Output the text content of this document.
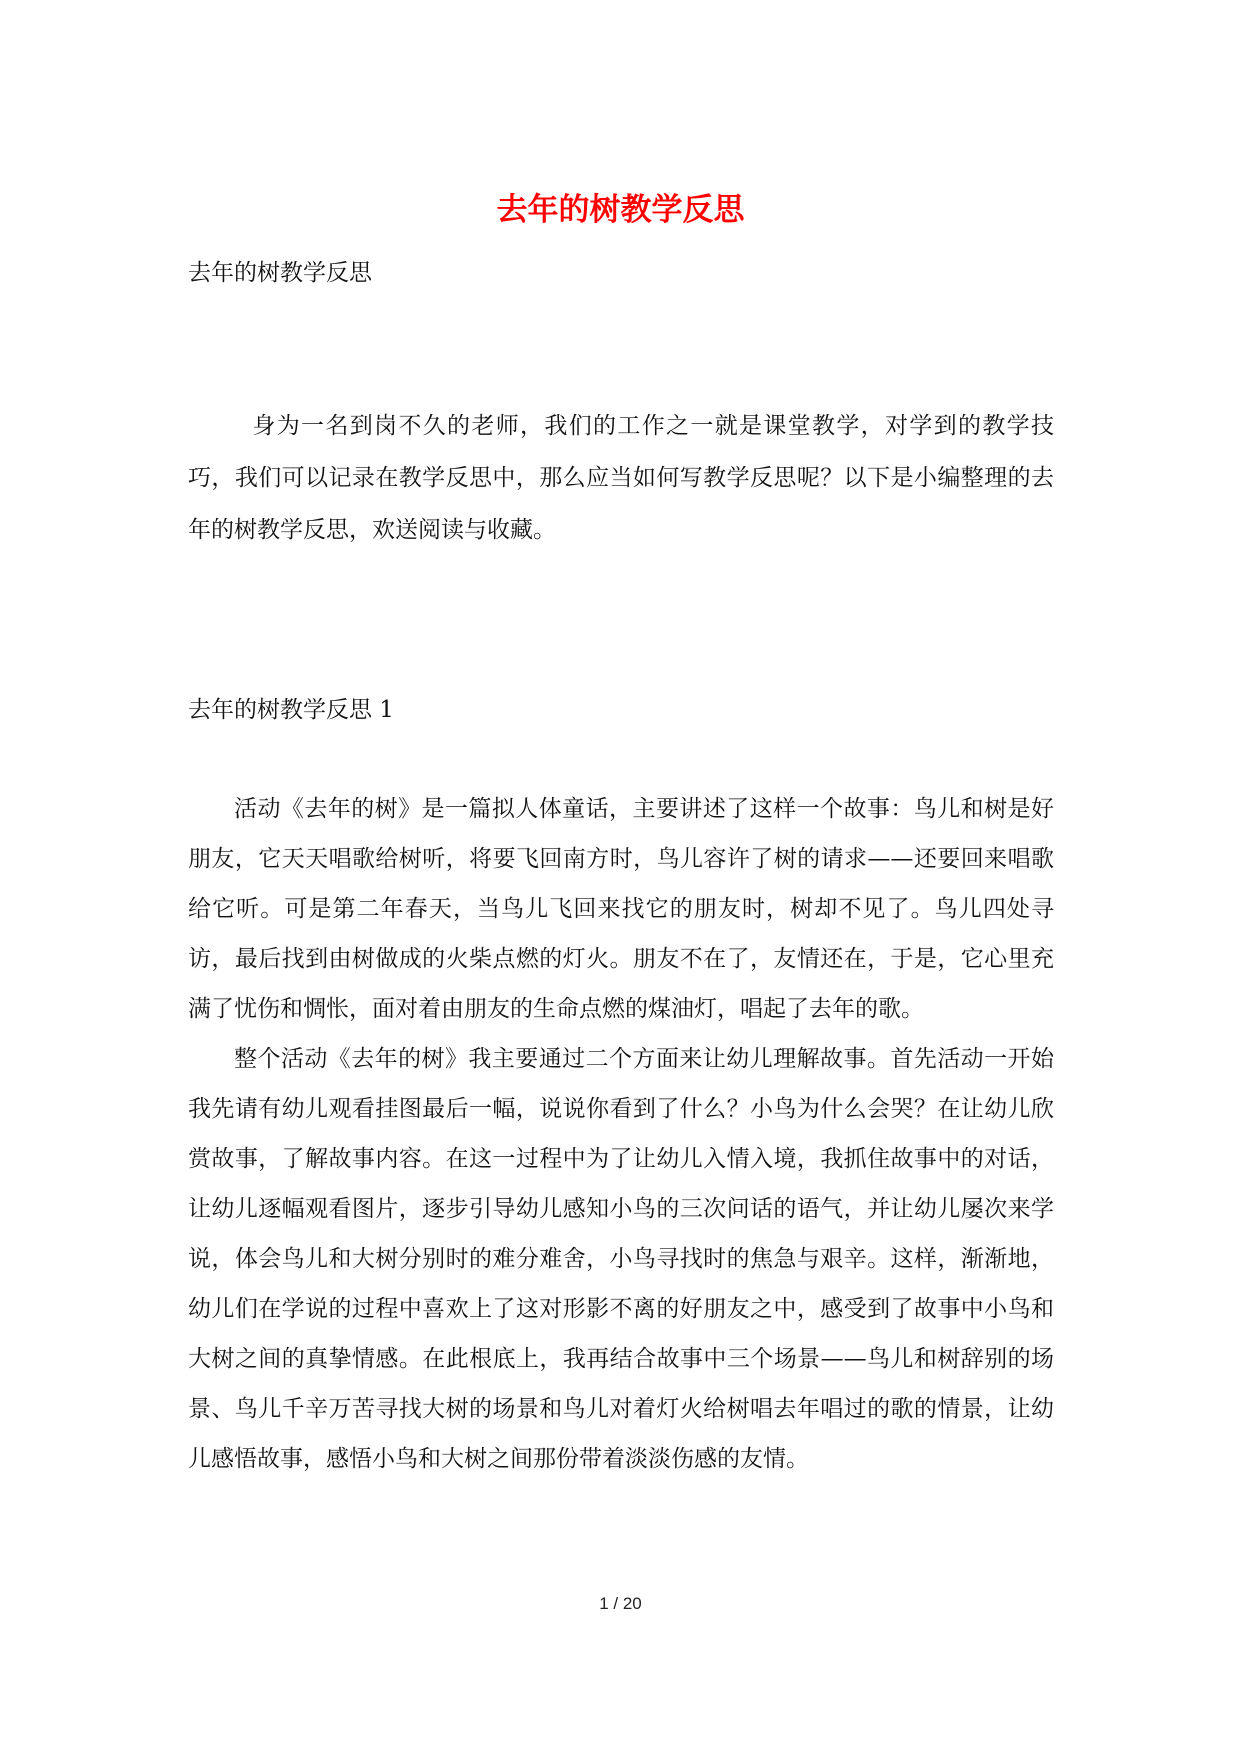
去年的树教学反思
去年的树教学反思
身为一名到岗不久的老师，我们的工作之一就是课堂教学，对学到的教学技巧，我们可以记录在教学反思中，那么应当如何写教学反思呢？以下是小编整理的去年的树教学反思，欢送阅读与收藏。
去年的树教学反思 1

活动《去年的树》是一篇拟人体童话，主要讲述了这样一个故事：鸟儿和树是好朋友，它天天唱歌给树听，将要飞回南方时，鸟儿容许了树的请求——还要回来唱歌给它听。可是第二年春天，当鸟儿飞回来找它的朋友时，树却不见了。鸟儿四处寻访，最后找到由树做成的火柴点燃的灯火。朋友不在了，友情还在，于是，它心里充满了忧伤和惆怅，面对着由朋友的生命点燃的煤油灯，唱起了去年的歌。

整个活动《去年的树》我主要通过二个方面来让幼儿理解故事。首先活动一开始我先请有幼儿观看挂图最后一幅，说说你看到了什么？小鸟为什么会哭？在让幼儿欣赏故事，了解故事内容。在这一过程中为了让幼儿入情入境，我抓住故事中的对话，让幼儿逐幅观看图片，逐步引导幼儿感知小鸟的三次问话的语气，并让幼儿屡次来学说，体会鸟儿和大树分别时的难分难舍，小鸟寻找时的焦急与艰辛。这样，渐渐地，幼儿们在学说的过程中喜欢上了这对形影不离的好朋友之中，感受到了故事中小鸟和大树之间的真挚情感。在此根底上，我再结合故事中三个场景——鸟儿和树辞别的场景、鸟儿千辛万苦寻找大树的场景和鸟儿对着灯火给树唱去年唱过的歌的情景，让幼儿感悟故事，感悟小鸟和大树之间那份带着淡淡伤感的友情。

1 / 20
